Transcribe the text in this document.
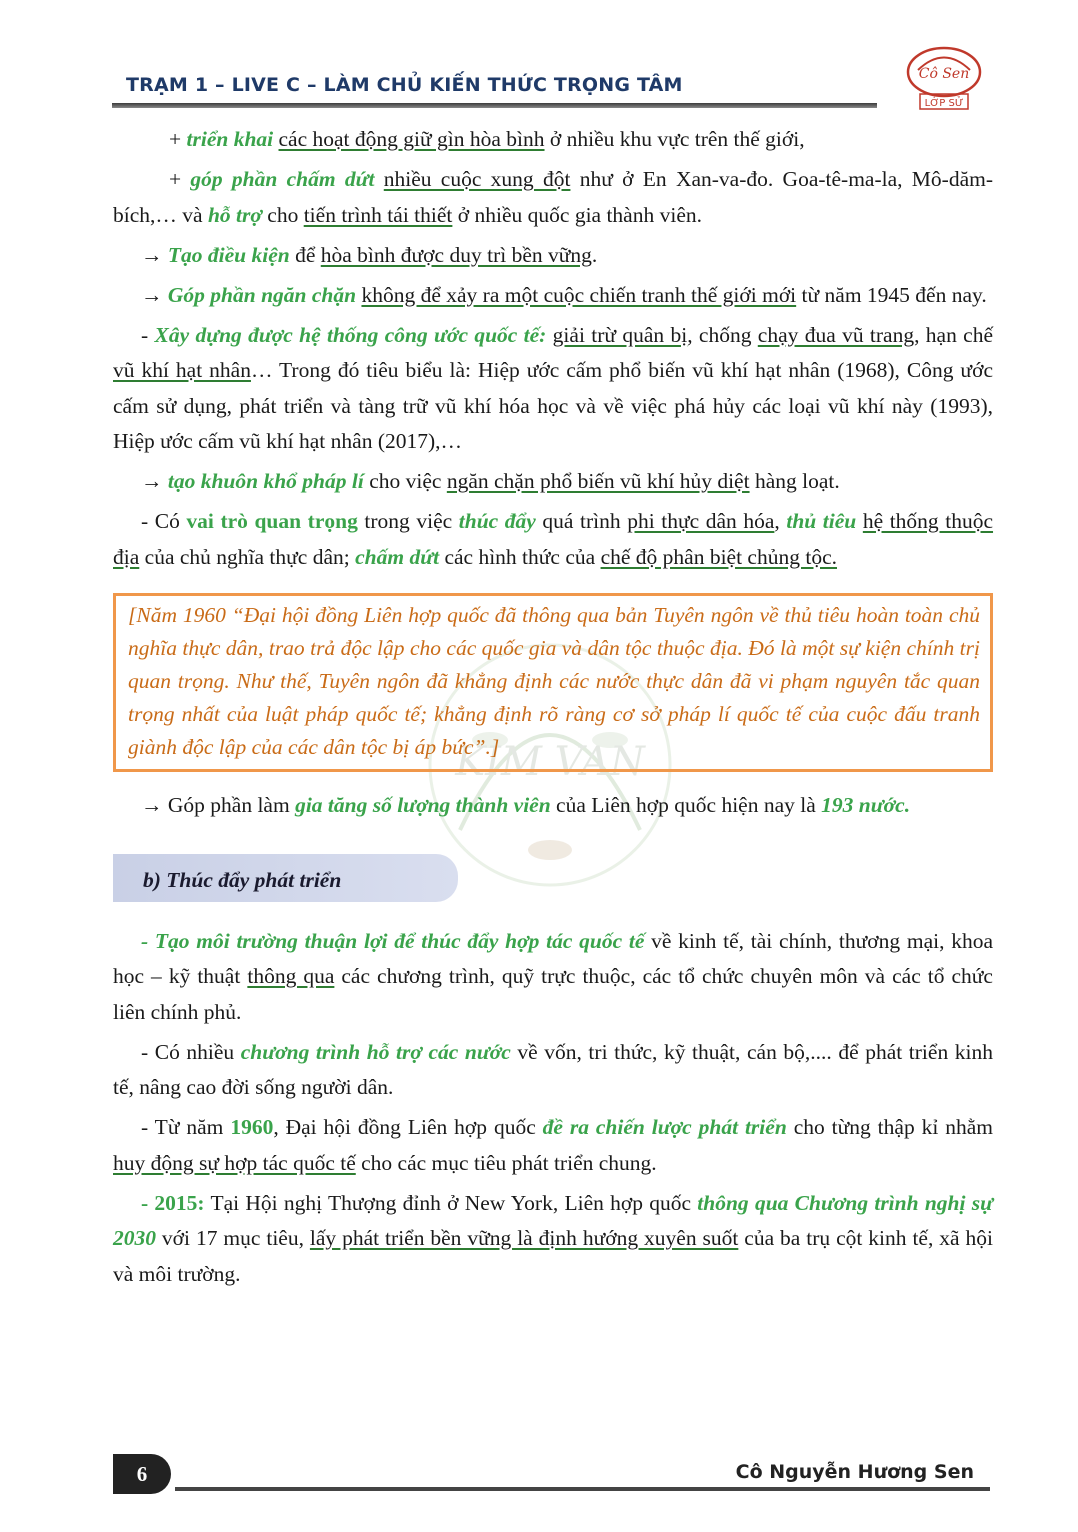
TRẠM 1 – LIVE C – LÀM CHỦ KIẾN THỨC TRỌNG TÂM	Cô Sen
LỚP SỬ
KIM VAN

+ triển khai các hoạt động giữ gìn hòa bình ở nhiều khu vực trên thế giới,

+ góp phần chấm dứt nhiều cuộc xung đột như ở En Xan-va-đo. Goa-tê-ma-la, Mô-dăm-bích,… và hỗ trợ cho tiến trình tái thiết ở nhiều quốc gia thành viên.

→ Tạo điều kiện để hòa bình được duy trì bền vững.

→ Góp phần ngăn chặn không để xảy ra một cuộc chiến tranh thế giới mới từ năm 1945 đến nay.

- Xây dựng được hệ thống công ước quốc tế: giải trừ quân bị, chống chạy đua vũ trang, hạn chế vũ khí hạt nhân… Trong đó tiêu biểu là: Hiệp ước cấm phổ biến vũ khí hạt nhân (1968), Công ước cấm sử dụng, phát triển và tàng trữ vũ khí hóa học và về việc phá hủy các loại vũ khí này (1993), Hiệp ước cấm vũ khí hạt nhân (2017),…

→ tạo khuôn khổ pháp lí cho việc ngăn chặn phổ biến vũ khí hủy diệt hàng loạt.

- Có vai trò quan trọng trong việc thúc đẩy quá trình phi thực dân hóa, thủ tiêu hệ thống thuộc địa của chủ nghĩa thực dân; chấm dứt các hình thức của chế độ phân biệt chủng tộc.

[Năm 1960 “Đại hội đồng Liên hợp quốc đã thông qua bản Tuyên ngôn về thủ tiêu hoàn toàn chủ nghĩa thực dân, trao trả độc lập cho các quốc gia và dân tộc thuộc địa. Đó là một sự kiện chính trị quan trọng. Như thế, Tuyên ngôn đã khẳng định các nước thực dân đã vi phạm nguyên tắc quan trọng nhất của luật pháp quốc tế; khẳng định rõ ràng cơ sở pháp lí quốc tế của cuộc đấu tranh giành độc lập của các dân tộc bị áp bức”.]

→ Góp phần làm gia tăng số lượng thành viên của Liên hợp quốc hiện nay là 193 nước.

b) Thúc đẩy phát triển

- Tạo môi trường thuận lợi để thúc đẩy hợp tác quốc tế về kinh tế, tài chính, thương mại, khoa học – kỹ thuật thông qua các chương trình, quỹ trực thuộc, các tổ chức chuyên môn và các tổ chức liên chính phủ.

- Có nhiều chương trình hỗ trợ các nước về vốn, tri thức, kỹ thuật, cán bộ,.... để phát triển kinh tế, nâng cao đời sống người dân.

- Từ năm 1960, Đại hội đồng Liên hợp quốc đề ra chiến lược phát triển cho từng thập kỉ nhằm huy động sự hợp tác quốc tế cho các mục tiêu phát triển chung.

- 2015: Tại Hội nghị Thượng đỉnh ở New York, Liên hợp quốc thông qua Chương trình nghị sự 2030 với 17 mục tiêu, lấy phát triển bền vững là định hướng xuyên suốt của ba trụ cột kinh tế, xã hội và môi trường.

6	Cô Nguyễn Hương Sen
